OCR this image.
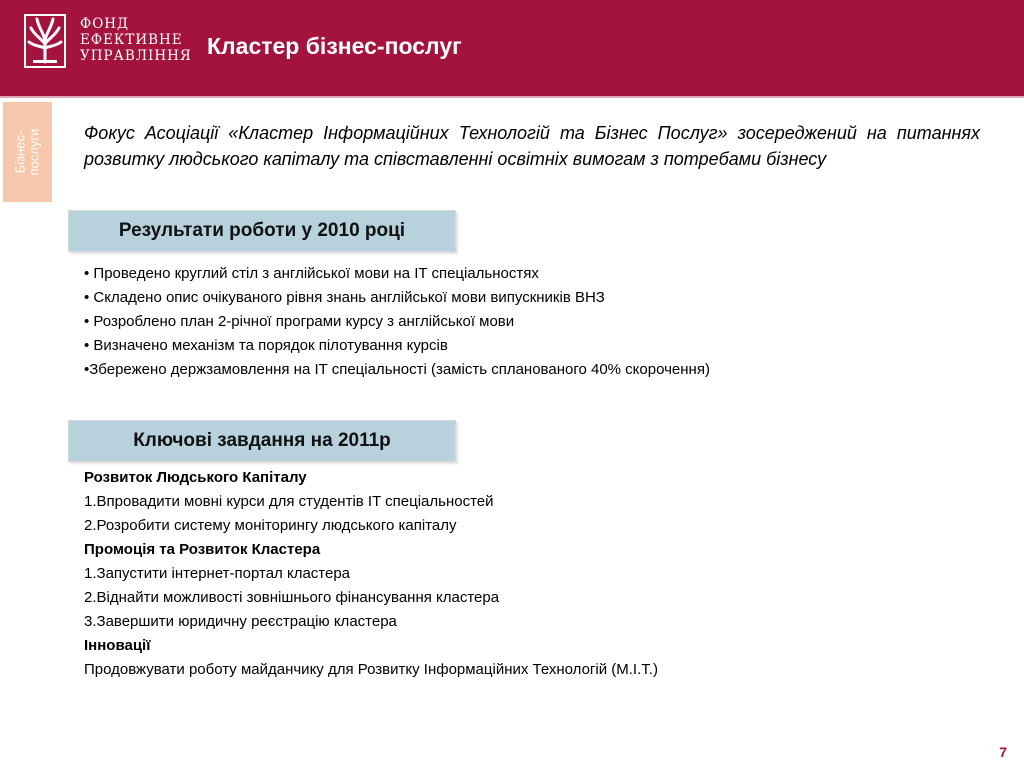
ФОНД
ЕФЕКТИВНЕ
УПРАВЛІННЯ Кластер бізнес-послуг
Бізнес- послуги Фокус Асоціації «Кластер Інформаційних Технологій та Бізнес Послуг» зосереджений на питаннях розвитку людського капіталу та співставленні освітніх вимогам з потребами бізнесу
Результати роботи у 2010 році
• Проведено круглий стіл з англійської мови на IT спеціальностях
• Складено опис очікуваного рівня знань англійської мови випускників ВНЗ
• Розроблено план 2-річної програми курсу з англійської мови
• Визначено механізм та порядок пілотування курсів
•Збережено держзамовлення на IT спеціальності (замість спланованого 40% скорочення)
Ключові завдання на 2011р
Розвиток Людського Капіталу
1.Впровадити мовні курси для студентів IT спеціальностей
2.Розробити систему моніторингу людського капіталу
Промоція та Розвиток Кластера
1.Запустити інтернет-портал кластера
2.Віднайти можливості зовнішнього фінансування кластера
3.Завершити юридичну реєстрацію кластера
Інновації
Продовжувати роботу майданчику для Розвитку Інформаційних Технологій (M.I.T.)
7
